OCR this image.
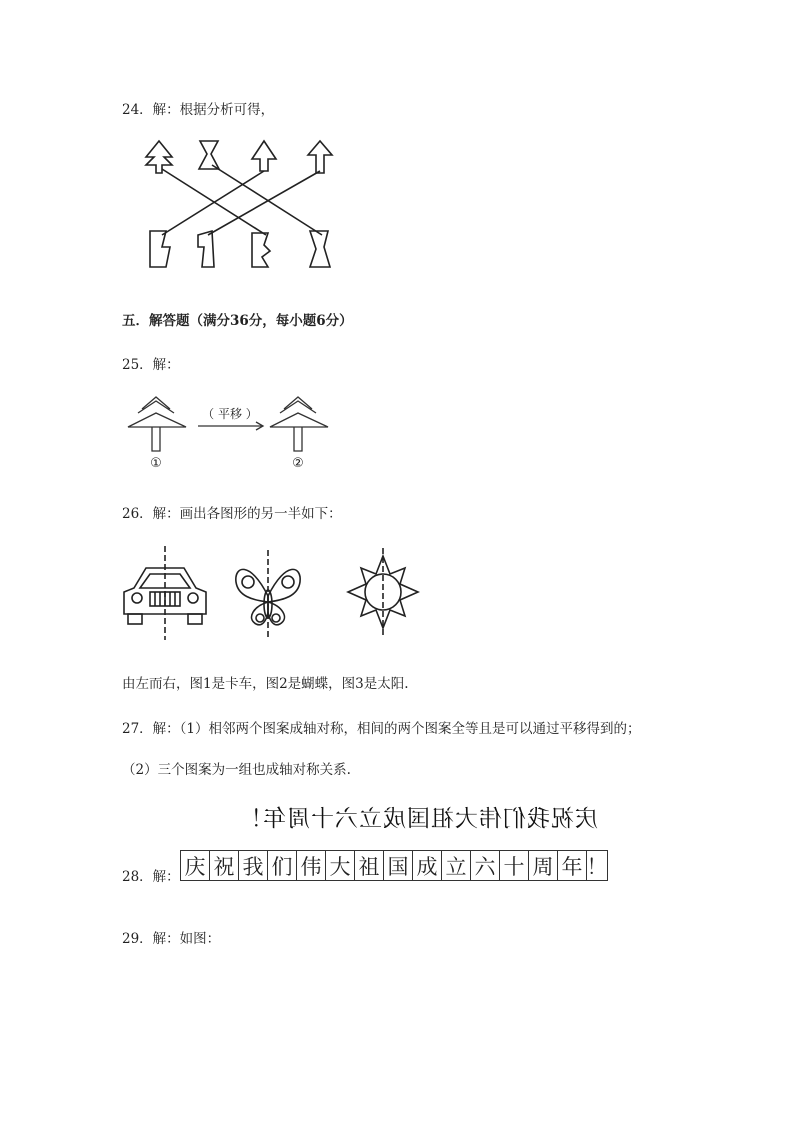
24．解：根据分析可得，
五．解答题（满分36分，每小题6分）
25．解：
（ 平移 ）
①	②
26．解：画出各图形的另一半如下：
由左而右，图1是卡车，图2是蝴蝶，图3是太阳.
27．解：（1）相邻两个图案成轴对称，相间的两个图案全等且是可以通过平移得到的；
（2）三个图案为一组也成轴对称关系.
庆祝我们伟大祖国成立六十周年！
28．解： 庆 祝 我 们 伟 大 祖 国 成 立 六 十 周 年 ！
29．解：如图：
